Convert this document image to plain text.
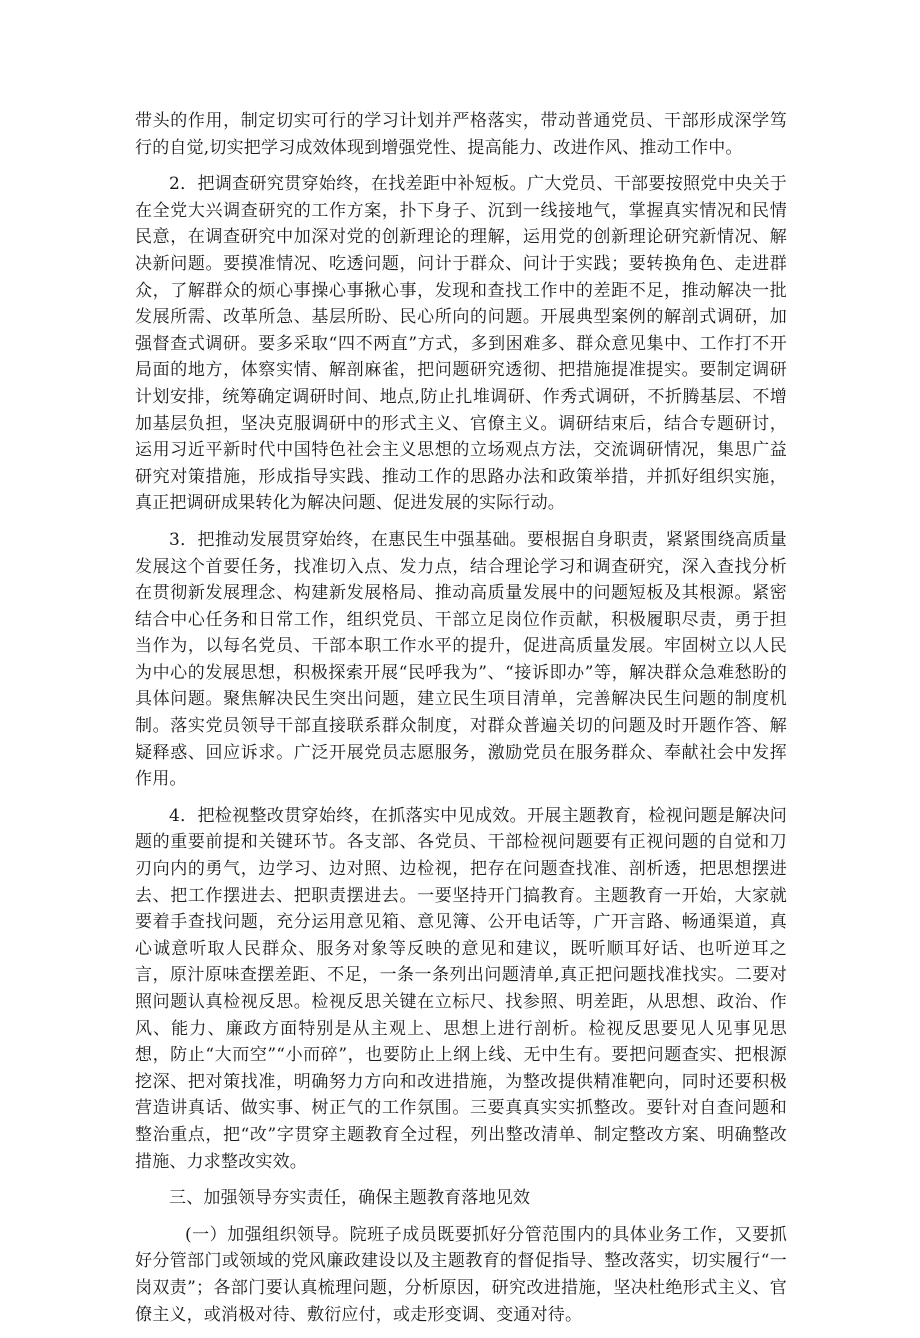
带头的作用，制定切实可行的学习计划并严格落实，带动普通党员、干部形成深学笃行的自觉,切实把学习成效体现到增强党性、提高能力、改进作风、推动工作中。

2．把调查研究贯穿始终，在找差距中补短板。广大党员、干部要按照党中央关于在全党大兴调查研究的工作方案，扑下身子、沉到一线接地气，掌握真实情况和民情民意，在调查研究中加深对党的创新理论的理解，运用党的创新理论研究新情况、解决新问题。要摸准情况、吃透问题，问计于群众、问计于实践；要转换角色、走进群众，了解群众的烦心事操心事揪心事，发现和查找工作中的差距不足，推动解决一批发展所需、改革所急、基层所盼、民心所向的问题。开展典型案例的解剖式调研，加强督查式调研。要多采取“四不两直”方式，多到困难多、群众意见集中、工作打不开局面的地方，体察实情、解剖麻雀，把问题研究透彻、把措施提准提实。要制定调研计划安排，统筹确定调研时间、地点,防止扎堆调研、作秀式调研，不折腾基层、不增加基层负担，坚决克服调研中的形式主义、官僚主义。调研结束后，结合专题研讨，运用习近平新时代中国特色社会主义思想的立场观点方法，交流调研情况，集思广益研究对策措施，形成指导实践、推动工作的思路办法和政策举措，并抓好组织实施，真正把调研成果转化为解决问题、促进发展的实际行动。

3．把推动发展贯穿始终，在惠民生中强基础。要根据自身职责，紧紧围绕高质量发展这个首要任务，找准切入点、发力点，结合理论学习和调查研究，深入查找分析在贯彻新发展理念、构建新发展格局、推动高质量发展中的问题短板及其根源。紧密结合中心任务和日常工作，组织党员、干部立足岗位作贡献，积极履职尽责，勇于担当作为，以每名党员、干部本职工作水平的提升，促进高质量发展。牢固树立以人民为中心的发展思想，积极探索开展“民呼我为”、“接诉即办”等，解决群众急难愁盼的具体问题。聚焦解决民生突出问题，建立民生项目清单，完善解决民生问题的制度机制。落实党员领导干部直接联系群众制度，对群众普遍关切的问题及时开题作答、解疑释惑、回应诉求。广泛开展党员志愿服务，激励党员在服务群众、奉献社会中发挥作用。

4．把检视整改贯穿始终，在抓落实中见成效。开展主题教育，检视问题是解决问题的重要前提和关键环节。各支部、各党员、干部检视问题要有正视问题的自觉和刀刃向内的勇气，边学习、边对照、边检视，把存在问题查找准、剖析透，把思想摆进去、把工作摆进去、把职责摆进去。一要坚持开门搞教育。主题教育一开始，大家就要着手查找问题，充分运用意见箱、意见簿、公开电话等，广开言路、畅通渠道，真心诚意听取人民群众、服务对象等反映的意见和建议，既听顺耳好话、也听逆耳之言，原汁原味查摆差距、不足，一条一条列出问题清单,真正把问题找准找实。二要对照问题认真检视反思。检视反思关键在立标尺、找参照、明差距，从思想、政治、作风、能力、廉政方面特别是从主观上、思想上进行剖析。检视反思要见人见事见思想，防止“大而空”“小而碎”，也要防止上纲上线、无中生有。要把问题查实、把根源挖深、把对策找准，明确努力方向和改进措施，为整改提供精准靶向，同时还要积极营造讲真话、做实事、树正气的工作氛围。三要真真实实抓整改。要针对自查问题和整治重点，把“改”字贯穿主题教育全过程，列出整改清单、制定整改方案、明确整改措施、力求整改实效。

三、加强领导夯实责任，确保主题教育落地见效

(一）加强组织领导。院班子成员既要抓好分管范围内的具体业务工作，又要抓好分管部门或领域的党风廉政建设以及主题教育的督促指导、整改落实，切实履行“一岗双责”；各部门要认真梳理问题，分析原因，研究改进措施，坚决杜绝形式主义、官僚主义，或消极对待、敷衍应付，或走形变调、变通对待。
